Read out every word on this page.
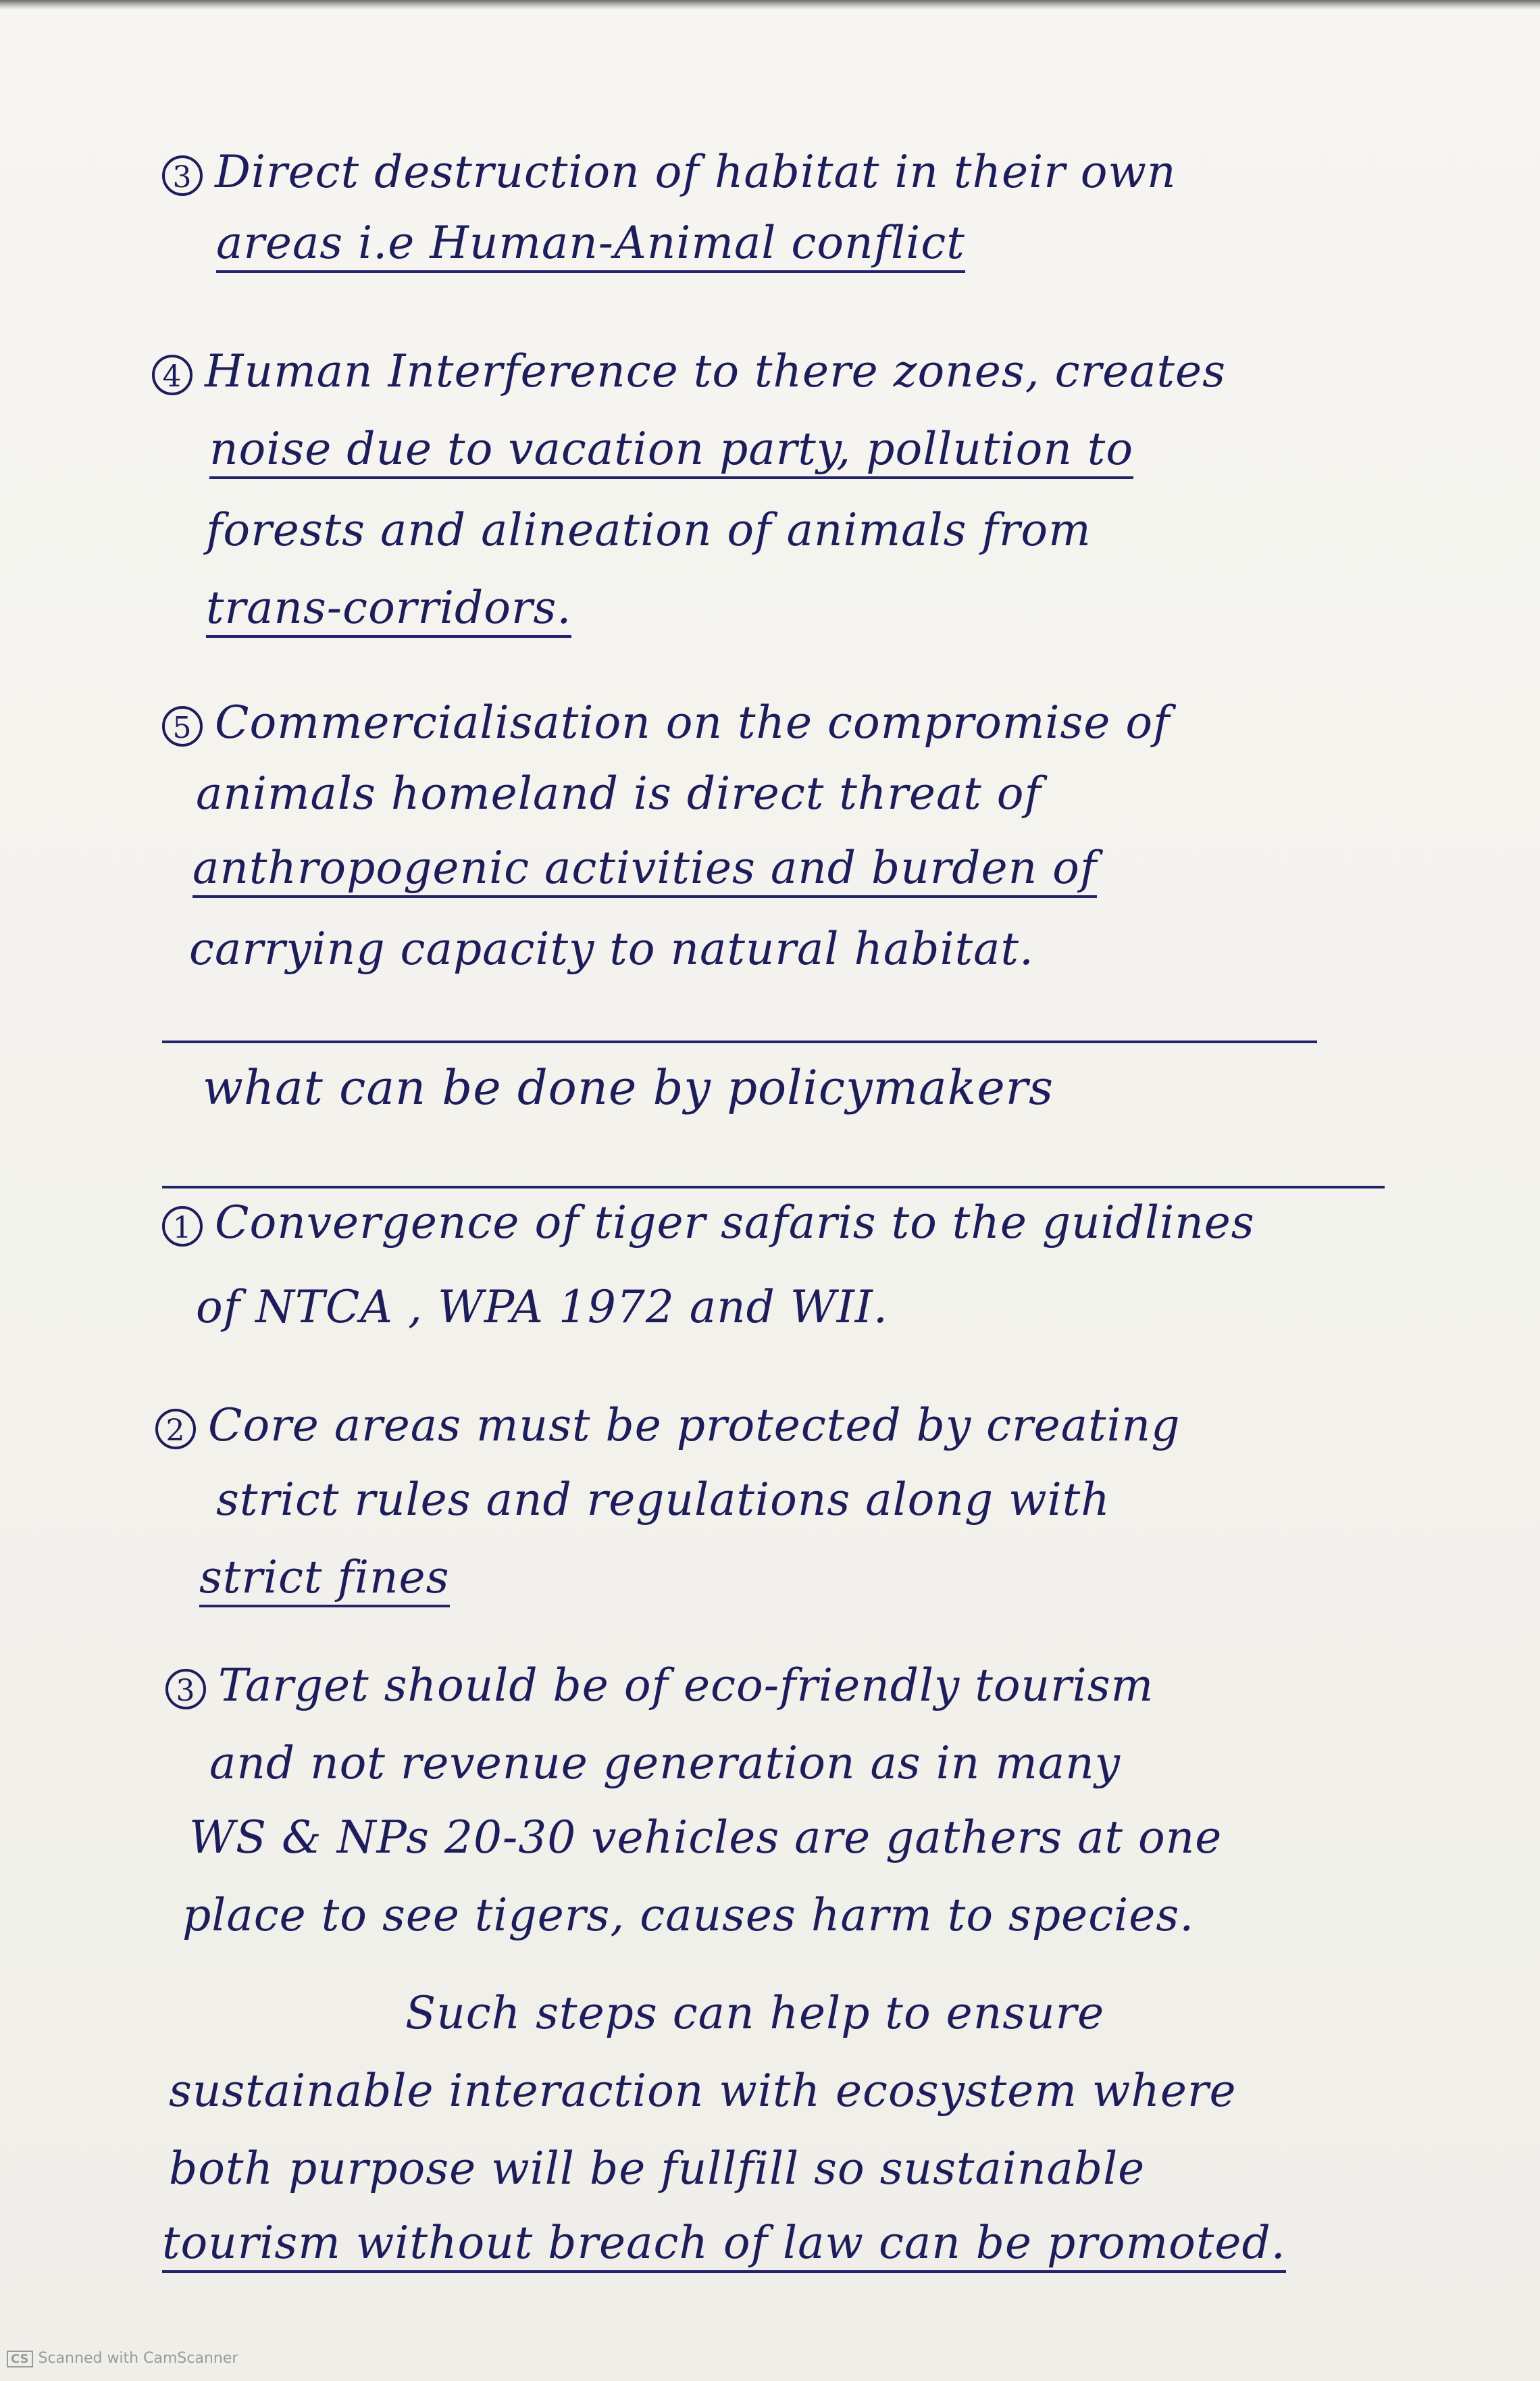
3 Direct destruction of habitat in their own
areas i.e Human-Animal conflict
4 Human Interference to there zones, creates
noise due to vacation party, pollution to
forests and alineation of animals from
trans-corridors.
5 Commercialisation on the compromise of
animals homeland is direct threat of
anthropogenic activities and burden of
carrying capacity to natural habitat.
what can be done by policymakers
1 Convergence of tiger safaris to the guidlines
of NTCA , WPA 1972 and WII.
2 Core areas must be protected by creating
strict rules and regulations along with
strict fines
3 Target should be of eco-friendly tourism
and not revenue generation as in many
WS & NPs 20-30 vehicles are gathers at one
place to see tigers, causes harm to species.
Such steps can help to ensure
sustainable interaction with ecosystem where
both purpose will be fullfill so sustainable
tourism without breach of law can be promoted.
CS Scanned with CamScanner
